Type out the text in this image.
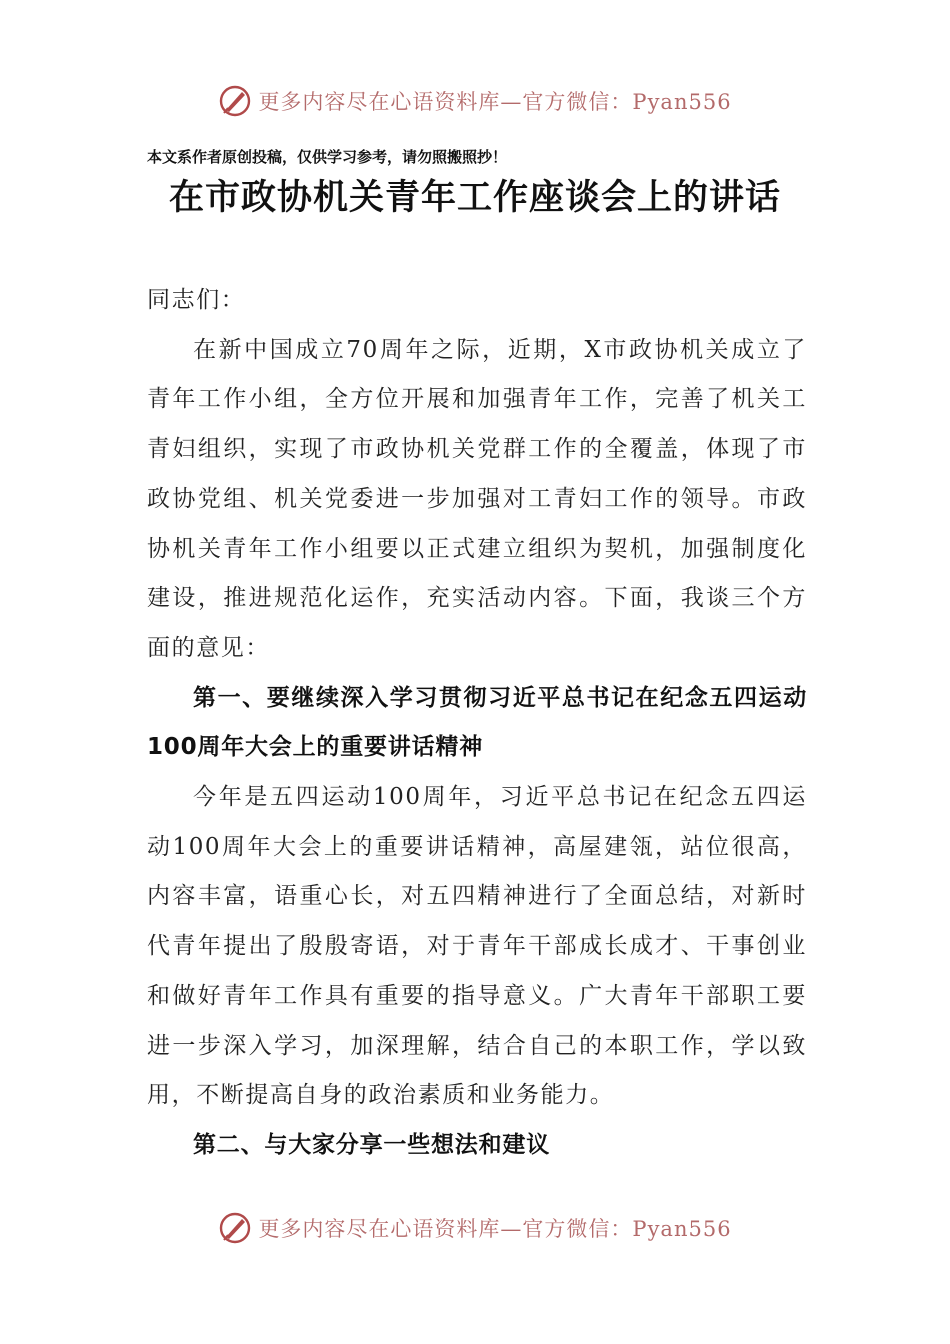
更多内容尽在心语资料库—官方微信：Pyan556
本文系作者原创投稿，仅供学习参考，请勿照搬照抄！
在市政协机关青年工作座谈会上的讲话

同志们：

在新中国成立70周年之际，近期，X市政协机关成立了青年工作小组，全方位开展和加强青年工作，完善了机关工青妇组织，实现了市政协机关党群工作的全覆盖，体现了市政协党组、机关党委进一步加强对工青妇工作的领导。市政协机关青年工作小组要以正式建立组织为契机，加强制度化建设，推进规范化运作，充实活动内容。下面，我谈三个方面的意见：

第一、要继续深入学习贯彻习近平总书记在纪念五四运动100周年大会上的重要讲话精神

今年是五四运动100周年，习近平总书记在纪念五四运动100周年大会上的重要讲话精神，高屋建瓴，站位很高，内容丰富，语重心长，对五四精神进行了全面总结，对新时代青年提出了殷殷寄语，对于青年干部成长成才、干事创业和做好青年工作具有重要的指导意义。广大青年干部职工要进一步深入学习，加深理解，结合自己的本职工作，学以致用，不断提高自身的政治素质和业务能力。

第二、与大家分享一些想法和建议

更多内容尽在心语资料库—官方微信：Pyan556
